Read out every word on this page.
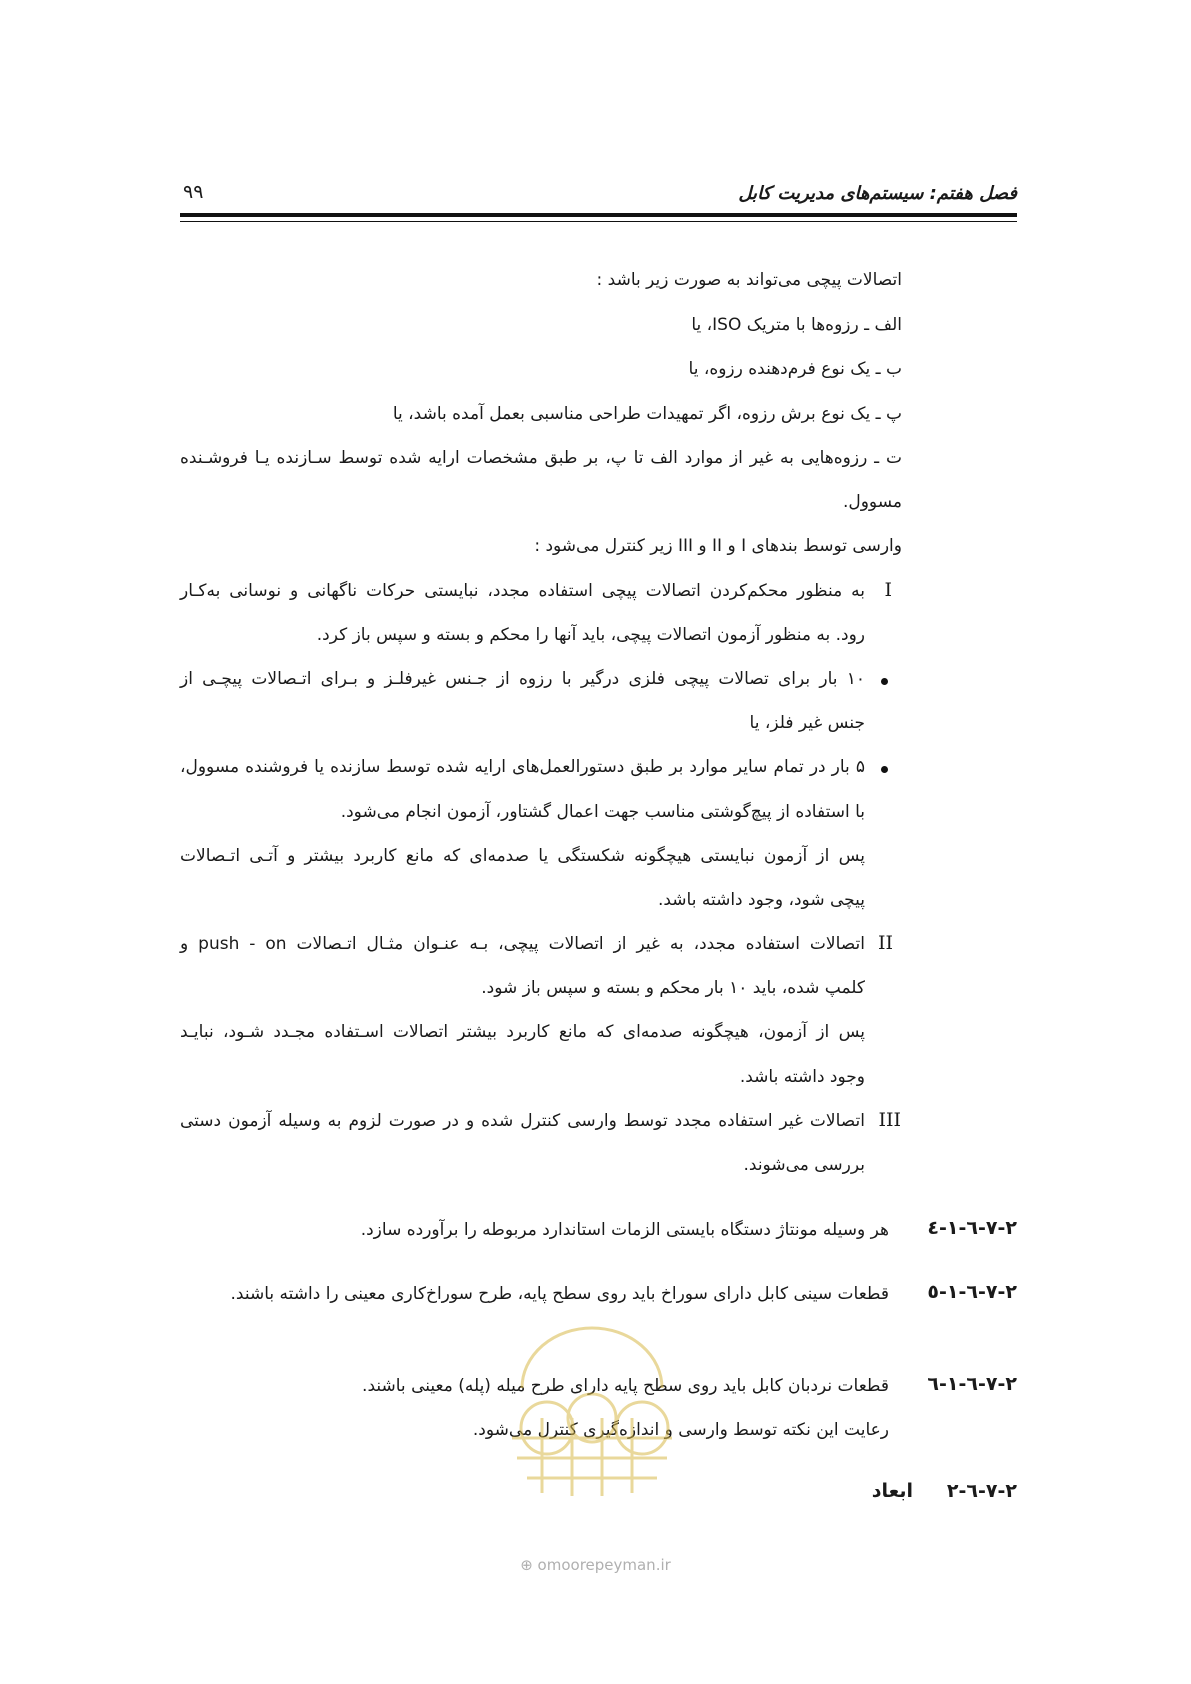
فصل هفتم: سیستم‌های مدیریت کابل
۹۹
اتصالات پیچی می‌تواند به صورت زیر باشد :
الف ـ رزوه‌ها با متریک ISO، یا
ب ـ یک نوع فرم‌دهنده رزوه، یا
پ ـ یک نوع برش رزوه، اگر تمهیدات طراحی مناسبی بعمل آمده باشد، یا
ت ـ رزوه‌هایی به غیر از موارد الف تا پ، بر طبق مشخصات ارایه شده توسط سـازنده یـا فروشـنده
مسوول.
وارسی توسط بندهای I و II و III زیر کنترل می‌شود :
I
به منظور محکم‌کردن اتصالات پیچی استفاده مجدد، نبایستی حرکات ناگهانی و نوسانی به‌کـار
رود. به منظور آزمون اتصالات پیچی، باید آنها را محکم و بسته و سپس باز کرد.
۱۰ بار برای تصالات پیچی فلزی درگیر با رزوه از جـنس غیرفلـز و بـرای اتـصالات پیچـی از
جنس غیر فلز، یا
۵ بار در تمام سایر موارد بر طبق دستورالعمل‌های ارایه شده توسط سازنده یا فروشنده مسوول،
با استفاده از پیچ‌گوشتی مناسب جهت اعمال گشتاور، آزمون انجام می‌شود.
پس از آزمون نبایستی هیچگونه شکستگی یا صدمه‌ای که مانع کاربرد بیشتر و آتـی اتـصالات
پیچی شود، وجود داشته باشد.
II
اتصالات استفاده مجدد، به غیر از اتصالات پیچی، بـه عنـوان مثـال اتـصالات push - on و
کلمپ شده، باید ۱۰ بار محکم و بسته و سپس باز شود.
پس از آزمون، هیچگونه صدمه‌ای که مانع کاربرد بیشتر اتصالات اسـتفاده مجـدد شـود، نبایـد
وجود داشته باشد.
III
اتصالات غیر استفاده مجدد توسط وارسی کنترل شده و در صورت لزوم به وسیله آزمون دستی
بررسی می‌شوند.
۷-۲-٦-۱-٤
هر وسیله مونتاژ دستگاه بایستی الزمات استاندارد مربوطه را برآورده سازد.
۷-۲-٦-۱-٥
قطعات سینی کابل دارای سوراخ باید روی سطح پایه، طرح سوراخ‌کاری معینی را داشته باشند.
۷-۲-٦-۱-٦
قطعات نردبان کابل باید روی سطح پایه دارای طرح میله (پله) معینی باشند.
رعایت این نکته توسط وارسی و اندازه‌گیری کنترل می‌شود.
۷-۲-٦-۲
ابعاد
⊕ omoorepeyman.ir
